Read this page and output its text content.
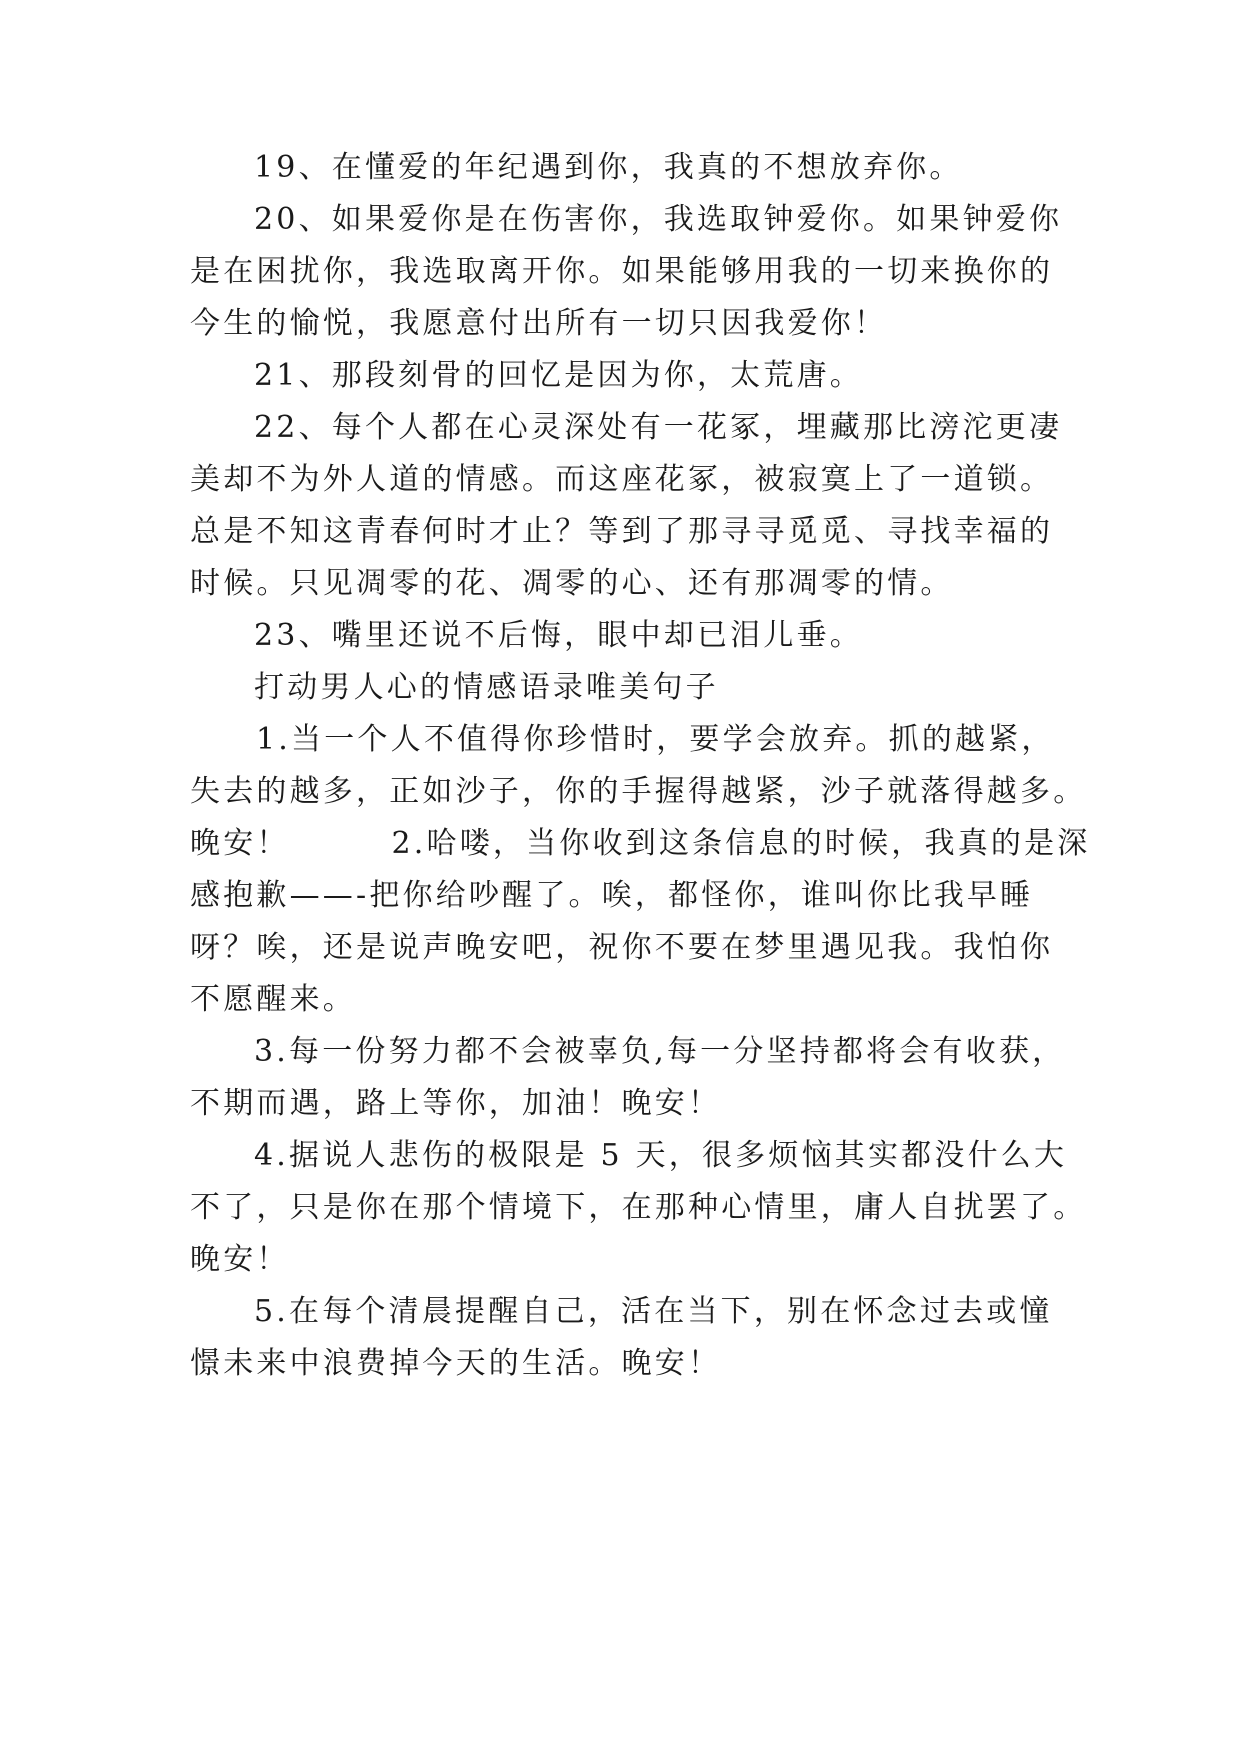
19、在懂爱的年纪遇到你，我真的不想放弃你。
20、如果爱你是在伤害你，我选取钟爱你。如果钟爱你
是在困扰你，我选取离开你。如果能够用我的一切来换你的
今生的愉悦，我愿意付出所有一切只因我爱你！
21、那段刻骨的回忆是因为你，太荒唐。
22、每个人都在心灵深处有一花冢，埋藏那比滂沱更凄
美却不为外人道的情感。而这座花冢，被寂寞上了一道锁。
总是不知这青春何时才止？等到了那寻寻觅觅、寻找幸福的
时候。只见凋零的花、凋零的心、还有那凋零的情。
23、嘴里还说不后悔，眼中却已泪儿垂。
打动男人心的情感语录唯美句子
1.当一个人不值得你珍惜时，要学会放弃。抓的越紧，
失去的越多，正如沙子，你的手握得越紧，沙子就落得越多。
晚安！        2.哈喽，当你收到这条信息的时候，我真的是深
感抱歉——-把你给吵醒了。唉，都怪你，谁叫你比我早睡
呀？唉，还是说声晚安吧，祝你不要在梦里遇见我。我怕你
不愿醒来。
3.每一份努力都不会被辜负,每一分坚持都将会有收获，
不期而遇，路上等你，加油！晚安！
4.据说人悲伤的极限是 5 天，很多烦恼其实都没什么大
不了，只是你在那个情境下，在那种心情里，庸人自扰罢了。
晚安！
5.在每个清晨提醒自己，活在当下，别在怀念过去或憧
憬未来中浪费掉今天的生活。晚安！
